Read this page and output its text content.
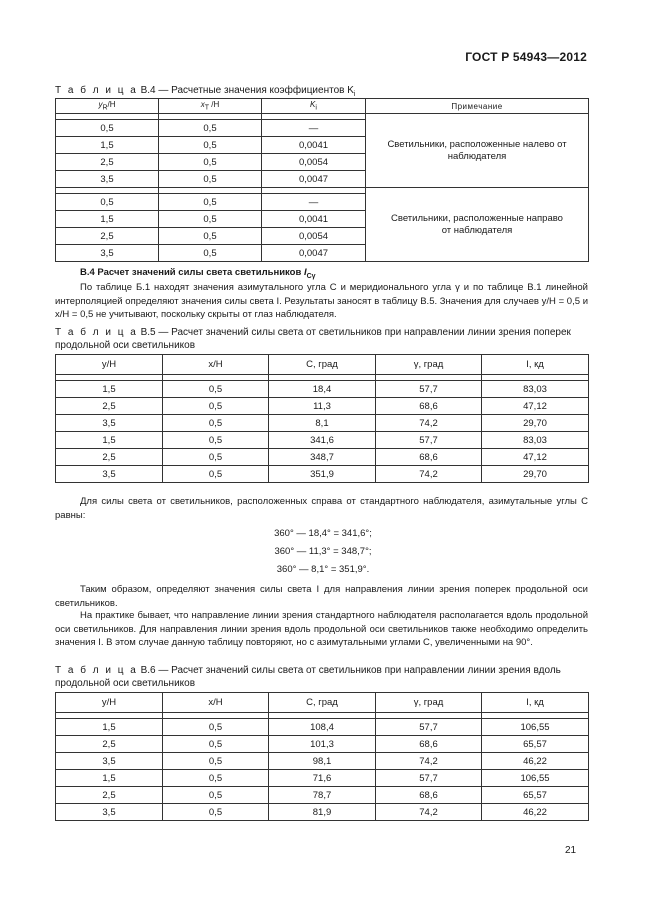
ГОСТ Р 54943—2012
Т а б л и ц а В.4 — Расчетные значения коэффициентов $K_i$
$y_R/H$	$x_T$ /H	$K_i$	Примечание
			Светильники, расположенные налево от наблюдателя
0,5	0,5	—	
1,5	0,5	0,0041	
2,5	0,5	0,0054	
3,5	0,5	0,0047	
			Светильники, расположенные направо от наблюдателя
0,5	0,5	—	
1,5	0,5	0,0041	
2,5	0,5	0,0054	
3,5	0,5	0,0047	
В.4 Расчет значений силы света светильников $I_{C\gamma}$
По таблице Б.1 находят значения азимутального угла C и меридионального угла γ и по таблице В.1 линейной интерполяцией определяют значения силы света I. Результаты заносят в таблицу В.5. Значения для случаев y/H = 0,5 и x/H = 0,5 не учитывают, поскольку скрыты от глаз наблюдателя.
Т а б л и ц а В.5 — Расчет значений силы света от светильников при направлении линии зрения поперек продольной оси светильников
y/H	x/H	C, град	γ, град	I, кд

1,5	0,5	18,4	57,7	83,03
2,5	0,5	11,3	68,6	47,12
3,5	0,5	8,1	74,2	29,70
1,5	0,5	341,6	57,7	83,03
2,5	0,5	348,7	68,6	47,12
3,5	0,5	351,9	74,2	29,70
Для силы света от светильников, расположенных справа от стандартного наблюдателя, азимутальные углы C равны:
360° — 18,4° = 341,6°;
360° — 11,3° = 348,7°;
360° — 8,1° = 351,9°.
Таким образом, определяют значения силы света I для направления линии зрения поперек продольной оси светильников.
На практике бывает, что направление линии зрения стандартного наблюдателя располагается вдоль продольной оси светильников. Для направления линии зрения вдоль продольной оси светильников также необходимо определить значения I. В этом случае данную таблицу повторяют, но с азимутальными углами C, увеличенными на 90°.
Т а б л и ц а В.6 — Расчет значений силы света от светильников при направлении линии зрения вдоль продольной оси светильников
y/H	x/H	C, град	γ, град	I, кд

1,5	0,5	108,4	57,7	106,55
2,5	0,5	101,3	68,6	65,57
3,5	0,5	98,1	74,2	46,22
1,5	0,5	71,6	57,7	106,55
2,5	0,5	78,7	68,6	65,57
3,5	0,5	81,9	74,2	46,22
21
